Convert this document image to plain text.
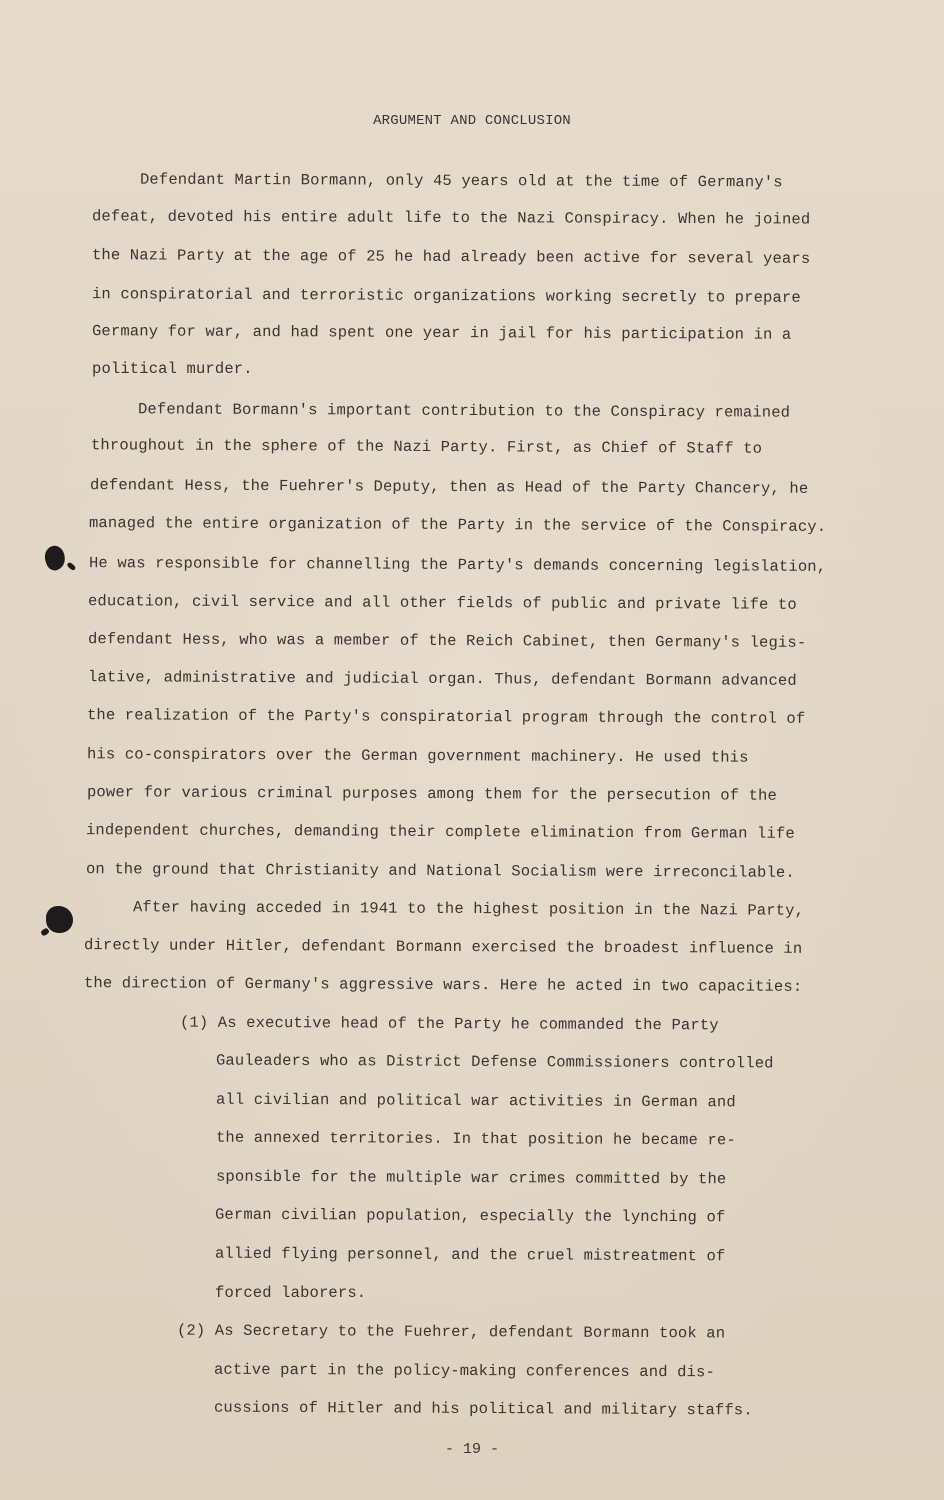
ARGUMENT AND CONCLUSION
Defendant Martin Bormann, only 45 years old at the time of Germany's
defeat, devoted his entire adult life to the Nazi Conspiracy. When he joined
the Nazi Party at the age of 25 he had already been active for several years
in conspiratorial and terroristic organizations working secretly to prepare
Germany for war, and had spent one year in jail for his participation in a
political murder.
Defendant Bormann's important contribution to the Conspiracy remained
throughout in the sphere of the Nazi Party. First, as Chief of Staff to
defendant Hess, the Fuehrer's Deputy, then as Head of the Party Chancery, he
managed the entire organization of the Party in the service of the Conspiracy.
He was responsible for channelling the Party's demands concerning legislation,
education, civil service and all other fields of public and private life to
defendant Hess, who was a member of the Reich Cabinet, then Germany's legis-
lative, administrative and judicial organ. Thus, defendant Bormann advanced
the realization of the Party's conspiratorial program through the control of
his co-conspirators over the German government machinery. He used this
power for various criminal purposes among them for the persecution of the
independent churches, demanding their complete elimination from German life
on the ground that Christianity and National Socialism were irreconcilable.
After having acceded in 1941 to the highest position in the Nazi Party,
directly under Hitler, defendant Bormann exercised the broadest influence in
the direction of Germany's aggressive wars. Here he acted in two capacities:
(1) As executive head of the Party he commanded the Party
Gauleaders who as District Defense Commissioners controlled
all civilian and political war activities in German and
the annexed territories. In that position he became re-
sponsible for the multiple war crimes committed by the
German civilian population, especially the lynching of
allied flying personnel, and the cruel mistreatment of
forced laborers.
(2) As Secretary to the Fuehrer, defendant Bormann took an
active part in the policy-making conferences and dis-
cussions of Hitler and his political and military staffs.
- 19 -
